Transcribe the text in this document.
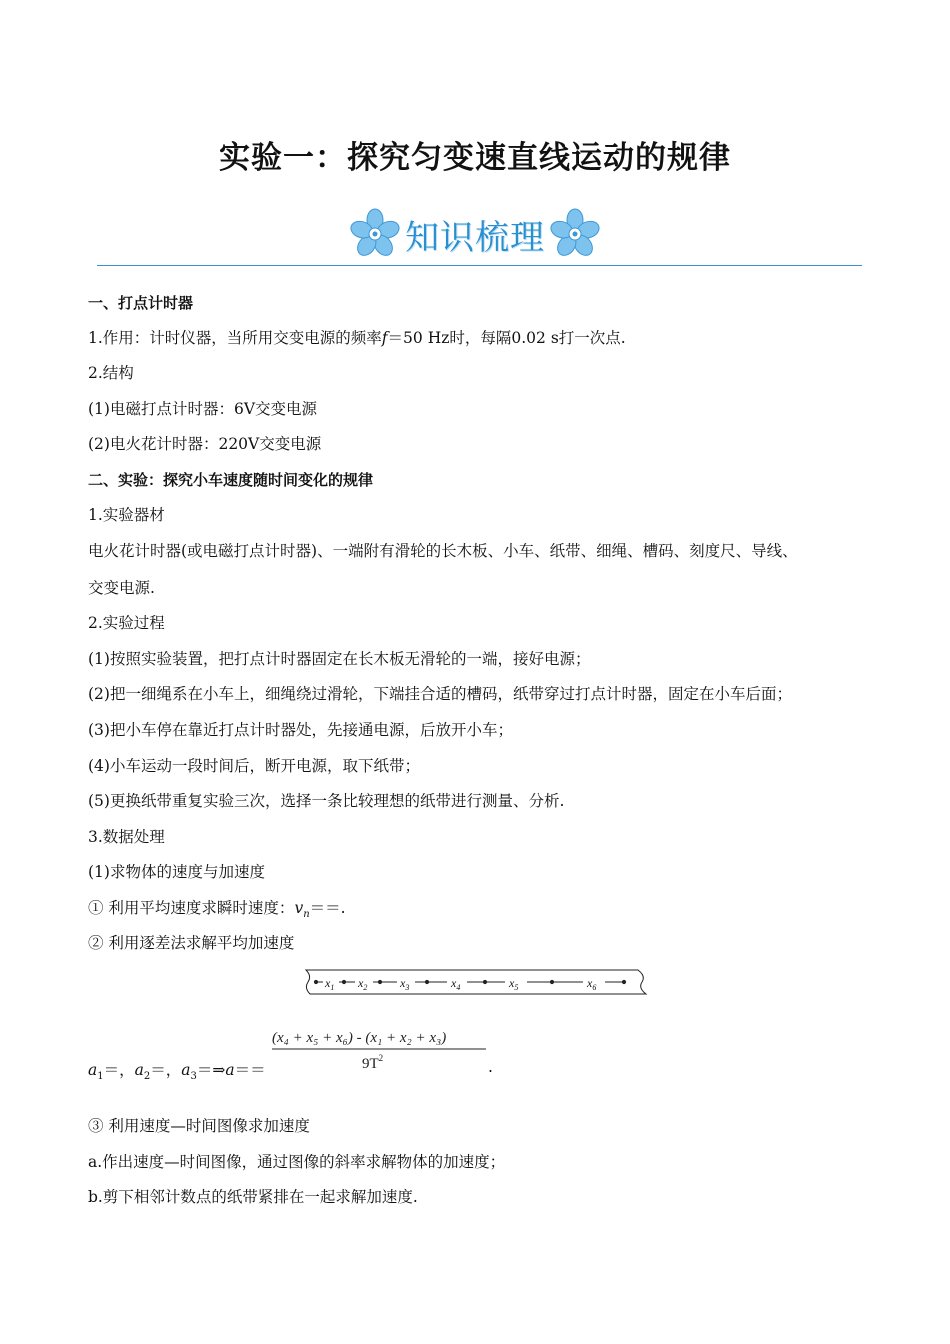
实验一：探究匀变速直线运动的规律
知识梳理
一、打点计时器
1.作用：计时仪器，当所用交变电源的频率f＝50 Hz时，每隔0.02 s打一次点.
2.结构
(1)电磁打点计时器：6V交变电源
(2)电火花计时器：220V交变电源
二、实验：探究小车速度随时间变化的规律
1.实验器材
电火花计时器(或电磁打点计时器)、一端附有滑轮的长木板、小车、纸带、细绳、槽码、刻度尺、导线、
交变电源.
2.实验过程
(1)按照实验装置，把打点计时器固定在长木板无滑轮的一端，接好电源；
(2)把一细绳系在小车上，细绳绕过滑轮，下端挂合适的槽码，纸带穿过打点计时器，固定在小车后面；
(3)把小车停在靠近打点计时器处，先接通电源，后放开小车；
(4)小车运动一段时间后，断开电源，取下纸带；
(5)更换纸带重复实验三次，选择一条比较理想的纸带进行测量、分析.
3.数据处理
(1)求物体的速度与加速度
① 利用平均速度求瞬时速度：$v_n==$.
② 利用逐差法求解平均加速度
$x_1$ $x_2$	$x_3$	$x_4$	$x_5$	$x_6$
$a_1=$，$a_2=$，$a_3=\Rightarrow a==$
(x₄ + x₅ + x₆) - (x₁ + x₂ + x₃)
$9T^2$	.
③ 利用速度—时间图像求加速度
a.作出速度—时间图像，通过图像的斜率求解物体的加速度；
b.剪下相邻计数点的纸带紧排在一起求解加速度.
